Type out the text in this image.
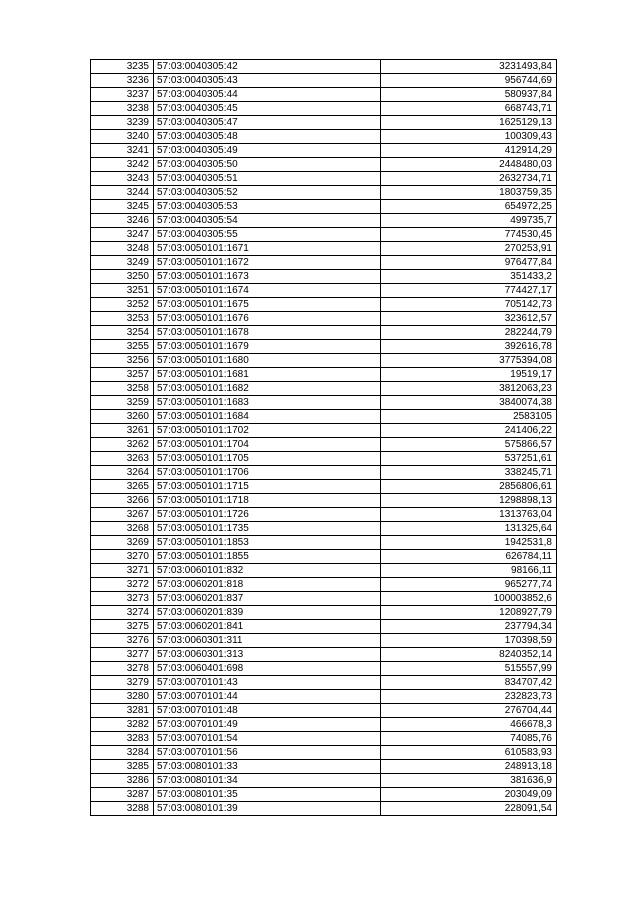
3235	57:03:0040305:42	3231493,84
3236	57:03:0040305:43	956744,69
3237	57:03:0040305:44	580937,84
3238	57:03:0040305:45	668743,71
3239	57:03:0040305:47	1625129,13
3240	57:03:0040305:48	100309,43
3241	57:03:0040305:49	412914,29
3242	57:03:0040305:50	2448480,03
3243	57:03:0040305:51	2632734,71
3244	57:03:0040305:52	1803759,35
3245	57:03:0040305:53	654972,25
3246	57:03:0040305:54	499735,7
3247	57:03:0040305:55	774530,45
3248	57:03:0050101:1671	270253,91
3249	57:03:0050101:1672	976477,84
3250	57:03:0050101:1673	351433,2
3251	57:03:0050101:1674	774427,17
3252	57:03:0050101:1675	705142,73
3253	57:03:0050101:1676	323612,57
3254	57:03:0050101:1678	282244,79
3255	57:03:0050101:1679	392616,78
3256	57:03:0050101:1680	3775394,08
3257	57:03:0050101:1681	19519,17
3258	57:03:0050101:1682	3812063,23
3259	57:03:0050101:1683	3840074,38
3260	57:03:0050101:1684	2583105
3261	57:03:0050101:1702	241406,22
3262	57:03:0050101:1704	575866,57
3263	57:03:0050101:1705	537251,61
3264	57:03:0050101:1706	338245,71
3265	57:03:0050101:1715	2856806,61
3266	57:03:0050101:1718	1298898,13
3267	57:03:0050101:1726	1313763,04
3268	57:03:0050101:1735	131325,64
3269	57:03:0050101:1853	1942531,8
3270	57:03:0050101:1855	626784,11
3271	57:03:0060101:832	98166,11
3272	57:03:0060201:818	965277,74
3273	57:03:0060201:837	100003852,6
3274	57:03:0060201:839	1208927,79
3275	57:03:0060201:841	237794,34
3276	57:03:0060301:311	170398,59
3277	57:03:0060301:313	8240352,14
3278	57:03:0060401:698	515557,99
3279	57:03:0070101:43	834707,42
3280	57:03:0070101:44	232823,73
3281	57:03:0070101:48	276704,44
3282	57:03:0070101:49	466678,3
3283	57:03:0070101:54	74085,76
3284	57:03:0070101:56	610583,93
3285	57:03:0080101:33	248913,18
3286	57:03:0080101:34	381636,9
3287	57:03:0080101:35	203049,09
3288	57:03:0080101:39	228091,54
